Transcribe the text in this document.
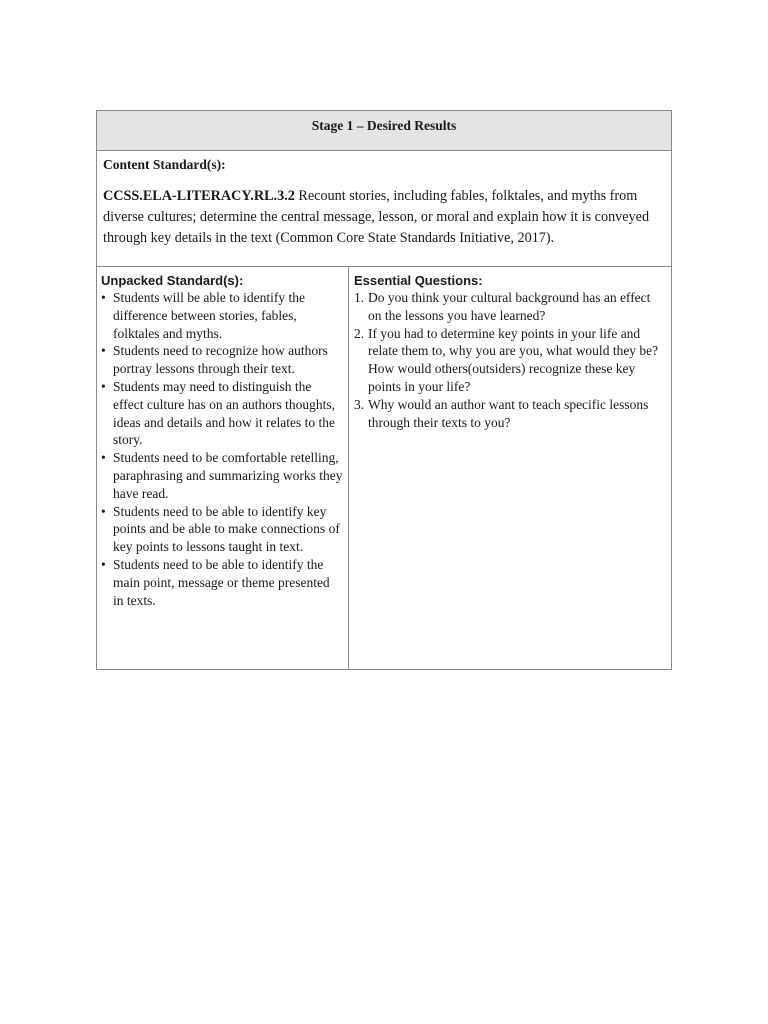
Stage 1 – Desired Results
Content Standard(s):
CCSS.ELA-LITERACY.RL.3.2 Recount stories, including fables, folktales, and myths from diverse cultures; determine the central message, lesson, or moral and explain how it is conveyed through key details in the text (Common Core State Standards Initiative, 2017).
Unpacked Standard(s):
• Students will be able to identify the difference between stories, fables, folktales and myths.
• Students need to recognize how authors portray lessons through their text.
• Students may need to distinguish the effect culture has on an authors thoughts, ideas and details and how it relates to the story.
• Students need to be comfortable retelling, paraphrasing and summarizing works they have read.
• Students need to be able to identify key points and be able to make connections of key points to lessons taught in text.
• Students need to be able to identify the main point, message or theme presented in texts.
Essential Questions:
1. Do you think your cultural background has an effect on the lessons you have learned?
2. If you had to determine key points in your life and relate them to, why you are you, what would they be? How would others(outsiders) recognize these key points in your life?
3. Why would an author want to teach specific lessons through their texts to you?
